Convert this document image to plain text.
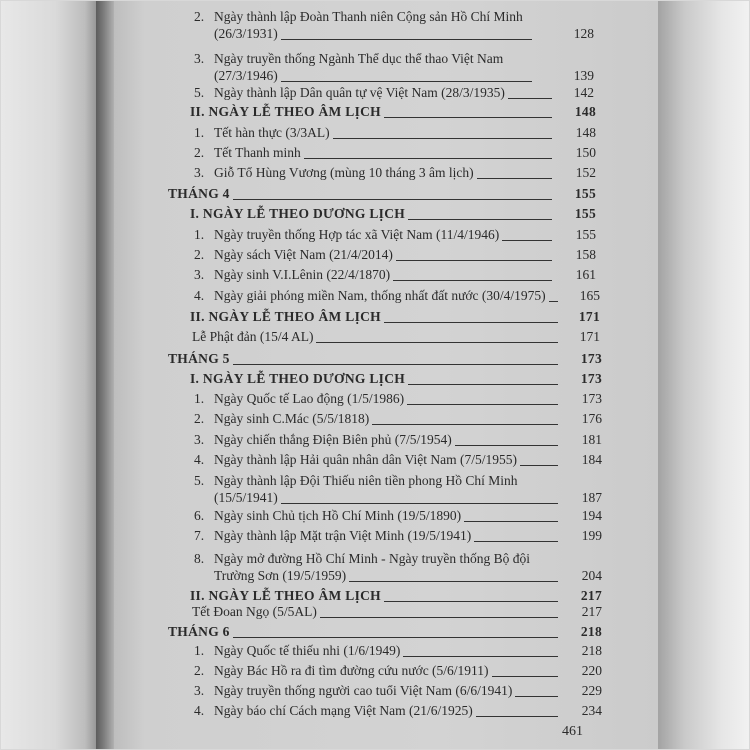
2. Ngày thành lập Đoàn Thanh niên Cộng sản Hồ Chí Minh
(26/3/1931)	128
3. Ngày truyền thống Ngành Thể dục thể thao Việt Nam
(27/3/1946)	139
5. Ngày thành lập Dân quân tự vệ Việt Nam (28/3/1935)	142
II. NGÀY LỄ THEO ÂM LỊCH	148
1. Tết hàn thực (3/3AL)	148
2. Tết Thanh minh	150
3. Giỗ Tổ Hùng Vương (mùng 10 tháng 3 âm lịch)	152
THÁNG 4	155
I. NGÀY LỄ THEO DƯƠNG LỊCH	155
1. Ngày truyền thống Hợp tác xã Việt Nam (11/4/1946)	155
2. Ngày sách Việt Nam (21/4/2014)	158
3. Ngày sinh V.I.Lênin (22/4/1870)	161
4. Ngày giải phóng miền Nam, thống nhất đất nước (30/4/1975)	165
II. NGÀY LỄ THEO ÂM LỊCH	171
Lễ Phật đản (15/4 AL)	171
THÁNG 5	173
I. NGÀY LỄ THEO DƯƠNG LỊCH	173
1. Ngày Quốc tế Lao động (1/5/1986)	173
2. Ngày sinh C.Mác (5/5/1818)	176
3. Ngày chiến thắng Điện Biên phủ (7/5/1954)	181
4. Ngày thành lập Hải quân nhân dân Việt Nam (7/5/1955)	184
5. Ngày thành lập Đội Thiếu niên tiền phong Hồ Chí Minh
(15/5/1941)	187
6. Ngày sinh Chủ tịch Hồ Chí Minh (19/5/1890)	194
7. Ngày thành lập Mặt trận Việt Minh (19/5/1941)	199
8. Ngày mở đường Hồ Chí Minh - Ngày truyền thống Bộ đội
Trường Sơn (19/5/1959)	204
II. NGÀY LỄ THEO ÂM LỊCH	217
Tết Đoan Ngọ (5/5AL)	217
THÁNG 6	218
1. Ngày Quốc tế thiếu nhi (1/6/1949)	218
2. Ngày Bác Hồ ra đi tìm đường cứu nước (5/6/1911)	220
3. Ngày truyền thống người cao tuổi Việt Nam (6/6/1941)	229
4. Ngày báo chí Cách mạng Việt Nam (21/6/1925)	234
461
